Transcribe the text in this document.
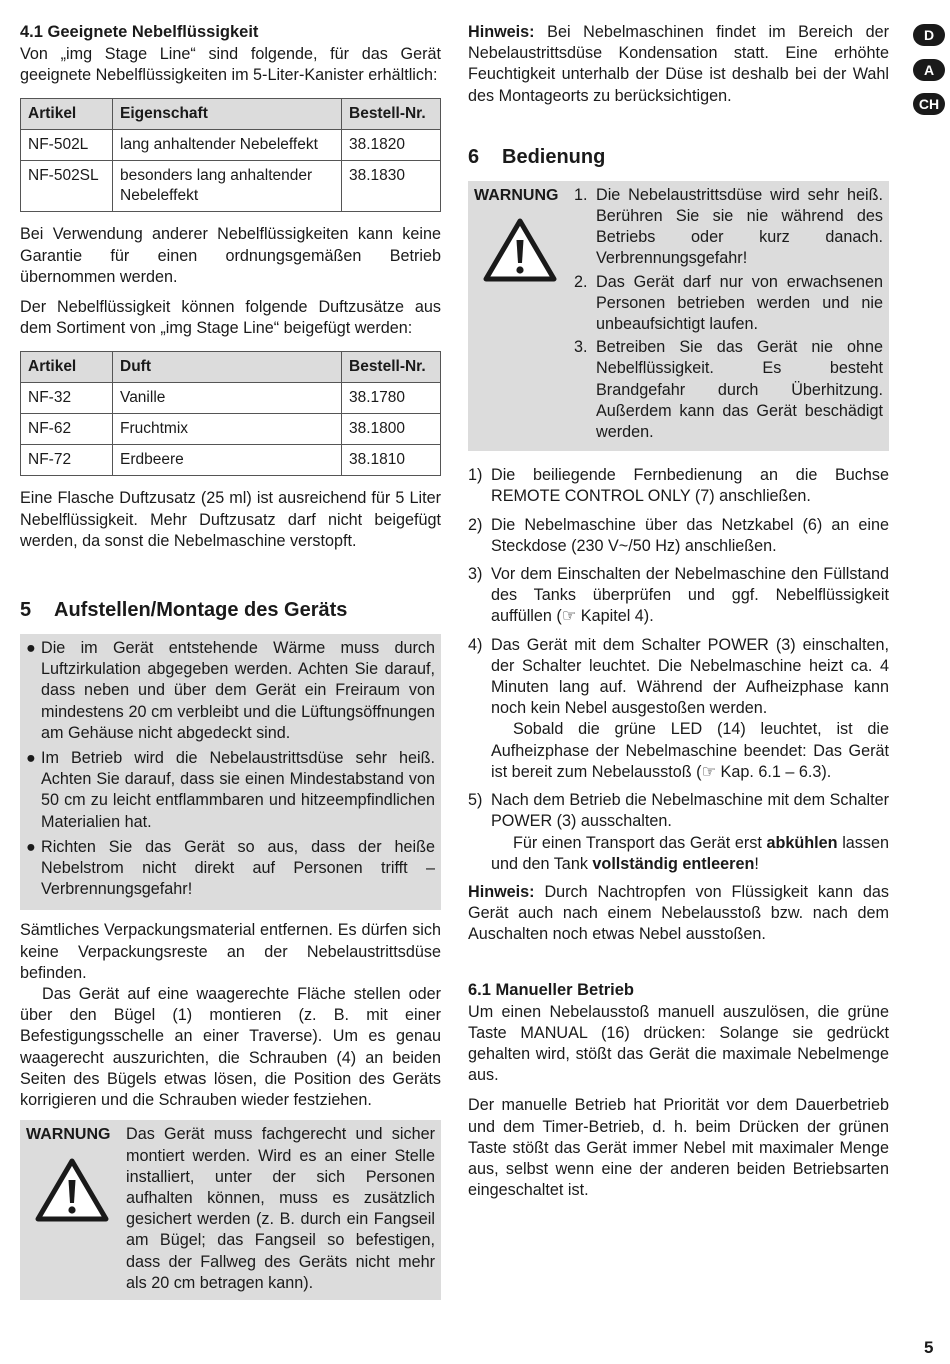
D
A
CH
4.1 Geeignete Nebelflüssigkeit

Von „img Stage Line“ sind folgende, für das Gerät geeignete Nebelflüssigkeiten im 5-Liter-Kanister erhältlich:

Artikel	Eigenschaft	Bestell-Nr.
NF-502L	lang anhaltender Nebeleffekt	38.1820
NF-502SL	besonders lang anhaltender Nebeleffekt	38.1830

Bei Verwendung anderer Nebelflüssigkeiten kann keine Garantie für einen ordnungsgemäßen Betrieb übernommen werden.

Der Nebelflüssigkeit können folgende Duftzusätze aus dem Sortiment von „img Stage Line“ beigefügt werden:

Artikel	Duft	Bestell-Nr.
NF-32	Vanille	38.1780
NF-62	Fruchtmix	38.1800
NF-72	Erdbeere	38.1810

Eine Flasche Duftzusatz (25 ml) ist ausreichend für 5 Liter Nebelflüssigkeit. Mehr Duftzusatz darf nicht beigefügt werden, da sonst die Nebelmaschine verstopft.

5 Aufstellen/Montage des Geräts
● Die im Gerät entstehende Wärme muss durch Luftzirkulation abgegeben werden. Achten Sie darauf, dass neben und über dem Gerät ein Freiraum von mindestens 20 cm verbleibt und die Lüftungsöffnungen am Gehäuse nicht abgedeckt sind.
● Im Betrieb wird die Nebelaustrittsdüse sehr heiß. Achten Sie darauf, dass sie einen Mindestabstand von 50 cm zu leicht entflammbaren und hitzeempfindlichen Materialien hat.
● Richten Sie das Gerät so aus, dass der heiße Nebelstrom nicht direkt auf Personen trifft – Verbrennungsgefahr!

Sämtliches Verpackungsmaterial entfernen. Es dürfen sich keine Verpackungsreste an der Nebelaustrittsdüse befinden.

Das Gerät auf eine waagerechte Fläche stellen oder über den Bügel (1) montieren (z. B. mit einer Befestigungsschelle an einer Traverse). Um es genau waagerecht auszurichten, die Schrauben (4) an beiden Seiten des Bügels etwas lösen, die Position des Geräts korrigieren und die Schrauben wieder festziehen.

WARNUNG Das Gerät muss fachgerecht und sicher montiert werden. Wird es an einer Stelle installiert, unter der sich Personen aufhalten können, muss es zusätzlich gesichert werden (z. B. durch ein Fangseil am Bügel; das Fangseil so befestigen, dass der Fallweg des Geräts nicht mehr als 20 cm betragen kann).

Hinweis: Bei Nebelmaschinen findet im Bereich der Nebelaustrittsdüse Kondensation statt. Eine erhöhte Feuchtigkeit unterhalb der Düse ist deshalb bei der Wahl des Montageorts zu berücksichtigen.

6 Bedienung
WARNUNG 1. Die Nebelaustrittsdüse wird sehr heiß. Berühren Sie sie nie während des Betriebs oder kurz danach. Verbrennungsgefahr!
2. Das Gerät darf nur von erwachsenen Personen betrieben werden und nie unbeaufsichtigt laufen.
3. Betreiben Sie das Gerät nie ohne Nebelflüssigkeit. Es besteht Brandgefahr durch Überhitzung. Außerdem kann das Gerät beschädigt werden.
1) Die beiliegende Fernbedienung an die Buchse REMOTE CONTROL ONLY (7) anschließen.
2) Die Nebelmaschine über das Netzkabel (6) an eine Steckdose (230 V~/50 Hz) anschließen.
3) Vor dem Einschalten der Nebelmaschine den Füllstand des Tanks überprüfen und ggf. Nebelflüssigkeit auffüllen (☞ Kapitel 4).
4) Das Gerät mit dem Schalter POWER (3) einschalten, der Schalter leuchtet. Die Nebelmaschine heizt ca. 4 Minuten lang auf. Während der Aufheizphase kann noch kein Nebel ausgestoßen werden.
Sobald die grüne LED (14) leuchtet, ist die Aufheizphase der Nebelmaschine beendet: Das Gerät ist bereit zum Nebelausstoß (☞ Kap. 6.1 – 6.3).
5) Nach dem Betrieb die Nebelmaschine mit dem Schalter POWER (3) ausschalten.
Für einen Transport das Gerät erst abkühlen lassen und den Tank vollständig entleeren!

Hinweis: Durch Nachtropfen von Flüssigkeit kann das Gerät auch nach einem Nebelausstoß bzw. nach dem Auschalten noch etwas Nebel ausstoßen.

6.1 Manueller Betrieb

Um einen Nebelausstoß manuell auszulösen, die grüne Taste MANUAL (16) drücken: Solange sie gedrückt gehalten wird, stößt das Gerät die maximale Nebelmenge aus.

Der manuelle Betrieb hat Priorität vor dem Dauerbetrieb und dem Timer-Betrieb, d. h. beim Drücken der grünen Taste stößt das Gerät immer Nebel mit maximaler Menge aus, selbst wenn eine der anderen beiden Betriebsarten eingeschaltet ist.

5
